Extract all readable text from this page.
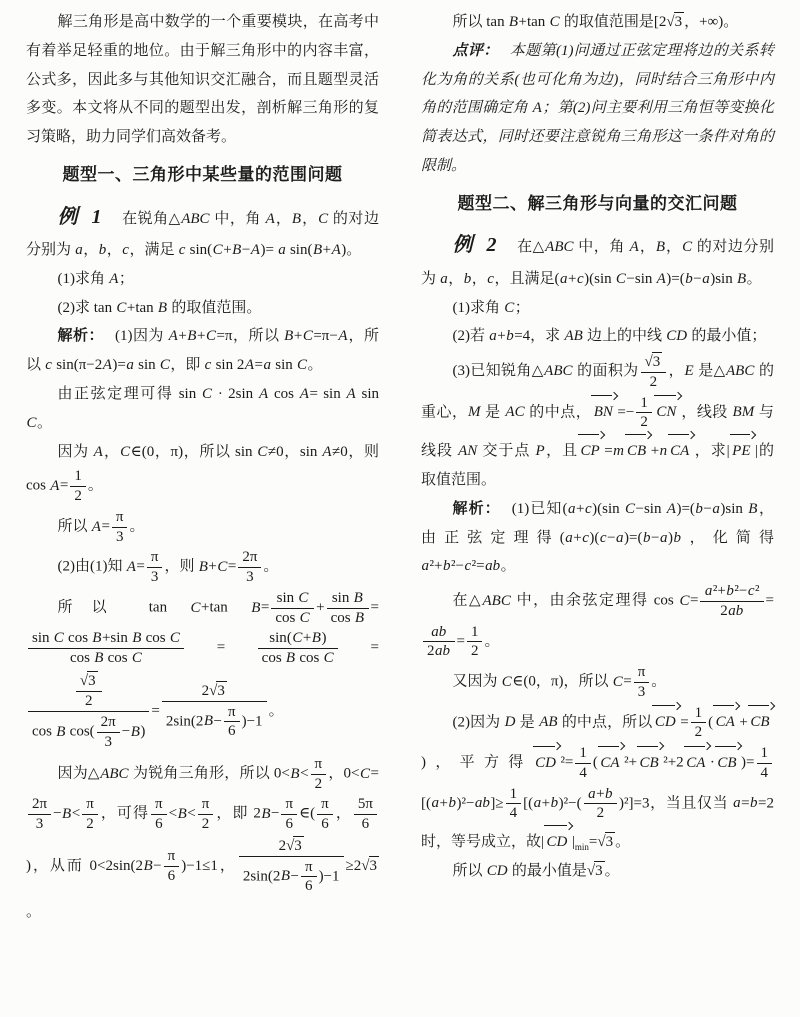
解三角形是高中数学的一个重要模块，在高考中有着举足轻重的地位。由于解三角形中的内容丰富，公式多，因此多与其他知识交汇融合，而且题型灵活多变。本文将从不同的题型出发，剖析解三角形的复习策略，助力同学们高效备考。

题型一、三角形中某些量的范围问题

例 1 在锐角△ABC 中，角 A，B，C 的对边分别为 a，b，c，满足 c sin(C+B−A)= a sin(B+A)。

(1)求角 A；

(2)求 tan C+tan B 的取值范围。

解析： (1)因为 A+B+C=π，所以 B+C=π−A，所以 c sin(π−2A)=a sin C，即 c sin 2A=a sin C。

由正弦定理可得 sin C · 2sin A cos A= sin A sin C。

因为 A，C∈(0，π)，所以 sin C≠0，sin A≠0，则 $\cos A= \frac{1}{2}$ 。

所以 $A= \frac{\pi}{3}$ 。

(2)由(1)知 $A= \frac{\pi}{3}$ ，则 $B+C= \frac{2\pi}{3}$ 。

所以 tan C+tan $B= \frac{\text{sin C}}{\text{cos C}} + \frac{\text{sin B}}{\text{cos B}}$ =
$\frac{\text{sin C cos B+sin B cos C}}{\text{cos B cos C}} = \frac{\sin(C+B)}{\text{cos B cos C}}$ =
$\frac{\frac{√3}{2}}{\cos B \cos( \frac{2\pi}{3} -B)} = \frac{2√3}{2\sin(2B- \frac{\pi}{6} )-1}$ 。

因为△ABC 为锐角三角形，所以 $0<B< \frac{\pi}{2}$ ，0<C=
$\frac{2\pi}{3} -B< \frac{\pi}{2}$ ，可得 $\frac{\pi}{6} <B< \frac{\pi}{2}$ ，即 $2B- \frac{\pi}{6}$ ∈( $\frac{\pi}{6}$ ， $\frac{5\pi}{6}$
)，从而 $0<2\sin(2B- \frac{\pi}{6} )-1\le 1$， $\frac{2√3}{2\sin(2B- \frac{\pi}{6} )-1} \ge 2√3$。

所以 tan B+tan C 的取值范围是[2√3 ，+∞)。

点评： 本题第(1)问通过正弦定理将边的关系转化为角的关系(也可化角为边)，同时结合三角形中内角的范围确定角 A；第(2)问主要利用三角恒等变换化简表达式，同时还要注意锐角三角形这一条件对角的限制。

题型二、解三角形与向量的交汇问题

例 2 在△ABC 中，角 A，B，C 的对边分别为 a，b，c，且满足(a+c)(sin C−sin A)=(b−a)sin B。

(1)求角 C；

(2)若 a+b=4，求 AB 边上的中线 CD 的最小值；

(3)已知锐角△ABC 的面积为 $\frac{√3}{2}$ ，E 是△ABC 的重心，M 是 AC 的中点， BN =− $\frac{1}{2}$ CN ，线段 BM 与线段 AN 交于点 P，且 CP =m CB +n CA ，求| PE |的取值范围。

解析： (1)已知(a+c)(sin C−sin A)=(b−a)sin B，由正弦定理得(a+c)(c−a)=(b−a)b，化简得 a²+b²−c²=ab。

在△ABC 中，由余弦定理得 $\cos C= \frac{\text{a²+b²−c²}}{2ab}$ =
$\frac{ab}{2ab} = \frac{1}{2}$ 。

又因为 C∈(0，π)，所以 $C= \frac{\pi}{3}$ 。

(2)因为 D 是 AB 的中点，所以 CD = $\frac{1}{2}$ ( CA + CB)，平方得 CD $^2= \frac{1}{4}$ ( CA ²+ CB ²+2 CA · CB )= $\frac{1}{4}$
$[(a+b)^2-ab]\ge \frac{1}{4} [(a+b)^2-( \frac{a+b}{2} )^2]=3$，当且仅当 a=b=2 时，等号成立，故| CD $|_{min}=√3$ 。

所以 CD 的最小值是√3 。
